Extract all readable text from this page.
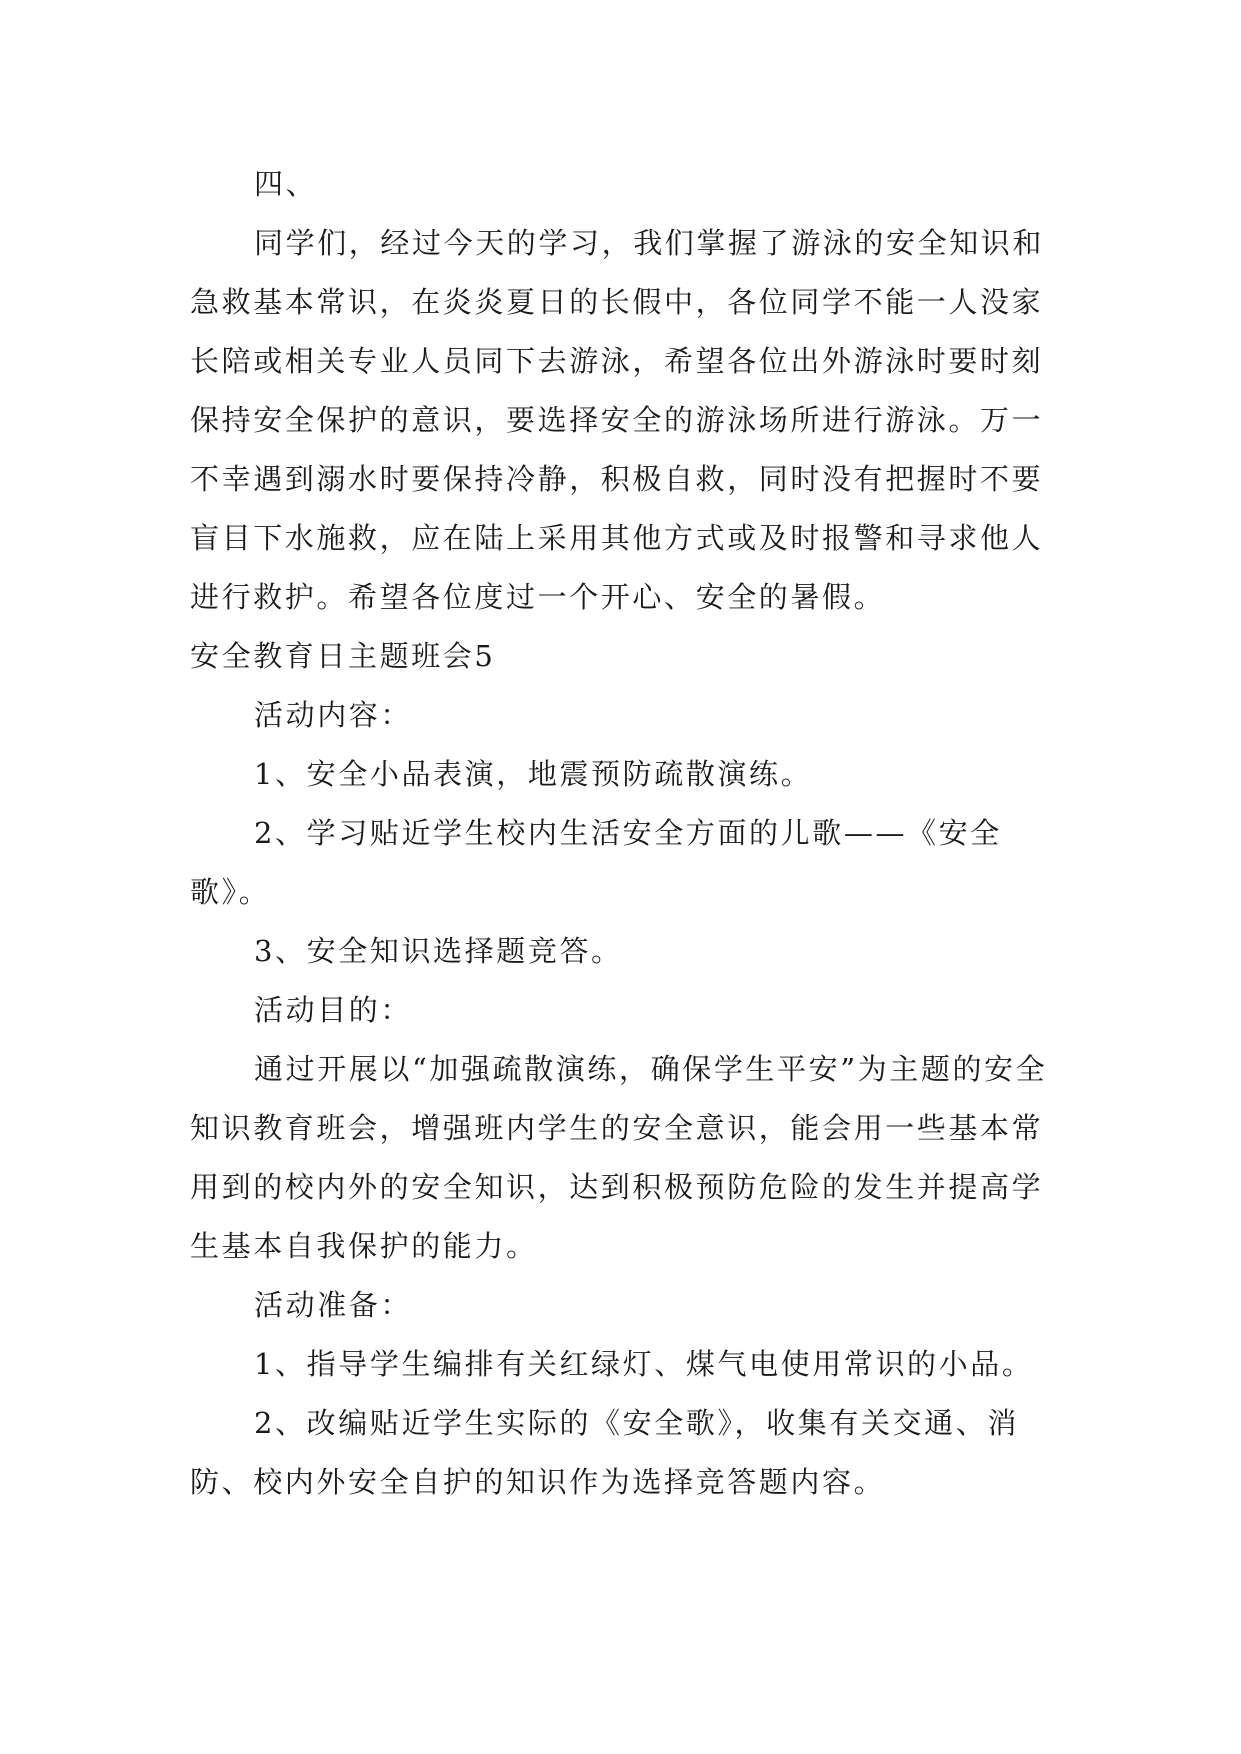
四、

同学们，经过今天的学习，我们掌握了游泳的安全知识和急救基本常识，在炎炎夏日的长假中，各位同学不能一人没家长陪或相关专业人员同下去游泳，希望各位出外游泳时要时刻保持安全保护的意识，要选择安全的游泳场所进行游泳。万一不幸遇到溺水时要保持冷静，积极自救，同时没有把握时不要盲目下水施救，应在陆上采用其他方式或及时报警和寻求他人进行救护。希望各位度过一个开心、安全的暑假。

安全教育日主题班会5

活动内容：

1、安全小品表演，地震预防疏散演练。

2、学习贴近学生校内生活安全方面的儿歌——《安全歌》。

3、安全知识选择题竞答。

活动目的：

通过开展以“加强疏散演练，确保学生平安”为主题的安全知识教育班会，增强班内学生的安全意识，能会用一些基本常用到的校内外的安全知识，达到积极预防危险的发生并提高学生基本自我保护的能力。

活动准备：

1、指导学生编排有关红绿灯、煤气电使用常识的小品。

2、改编贴近学生实际的《安全歌》，收集有关交通、消防、校内外安全自护的知识作为选择竞答题内容。
